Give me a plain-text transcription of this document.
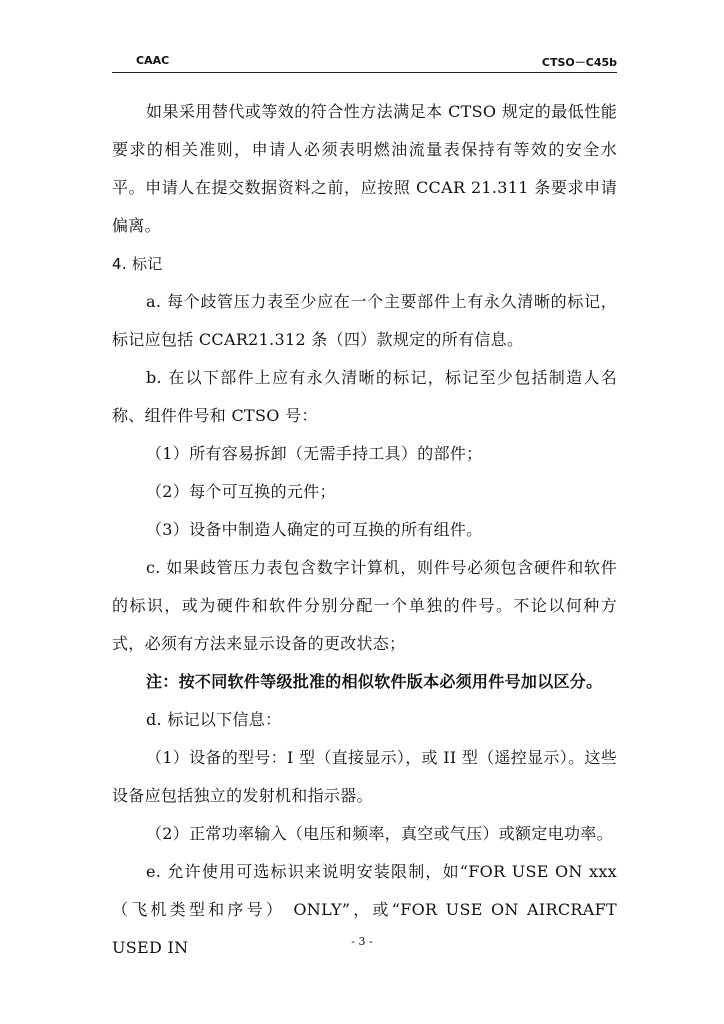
CAAC	CTSO－C45b

如果采用替代或等效的符合性方法满足本 CTSO 规定的最低性能要求的相关准则，申请人必须表明燃油流量表保持有等效的安全水平。申请人在提交数据资料之前，应按照 CCAR 21.311 条要求申请偏离。

4. 标记

a. 每个歧管压力表至少应在一个主要部件上有永久清晰的标记，标记应包括 CCAR21.312 条（四）款规定的所有信息。

b. 在以下部件上应有永久清晰的标记，标记至少包括制造人名称、组件件号和 CTSO 号：

（1）所有容易拆卸（无需手持工具）的部件；

（2）每个可互换的元件；

（3）设备中制造人确定的可互换的所有组件。

c. 如果歧管压力表包含数字计算机，则件号必须包含硬件和软件的标识，或为硬件和软件分别分配一个单独的件号。不论以何种方式，必须有方法来显示设备的更改状态；

注：按不同软件等级批准的相似软件版本必须用件号加以区分。

d. 标记以下信息：

（1）设备的型号：I 型（直接显示），或 II 型（遥控显示）。这些设备应包括独立的发射机和指示器。

（2）正常功率输入（电压和频率，真空或气压）或额定电功率。

e. 允许使用可选标识来说明安装限制，如“FOR USE ON xxx（飞机类型和序号） ONLY”，或“FOR USE ON AIRCRAFT USED IN	- 3 -
